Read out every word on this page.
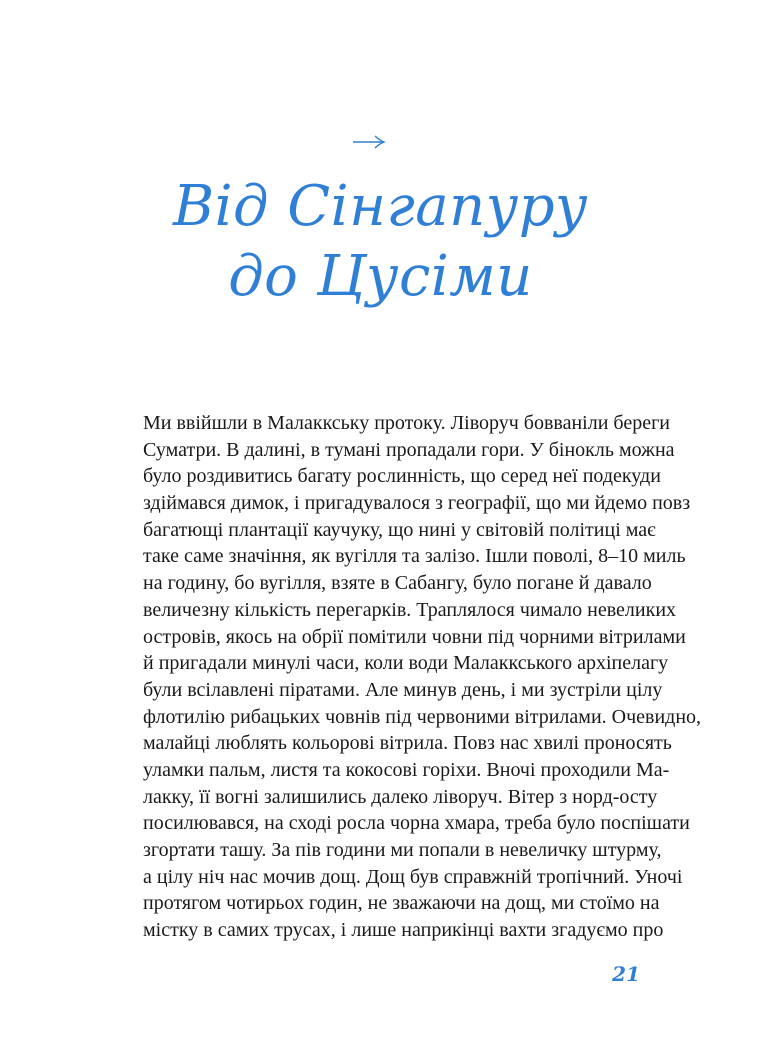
Від Сінгапуру
до Цусіми
Ми ввійшли в Малаккську протоку. Ліворуч бовваніли береги
Суматри. В далині, в тумані пропадали гори. У бінокль можна
було роздивитись багату рослинність, що серед неї подекуди
здіймався димок, і пригадувалося з географії, що ми йдемо повз
багатющі плантації каучуку, що нині у світовій політиці має
таке саме значіння, як вугілля та залізо. Ішли поволі, 8–10 миль
на годину, бо вугілля, взяте в Сабангу, було погане й давало
величезну кількість перегарків. Траплялося чимало невеликих
островів, якось на обрії помітили човни під чорними вітрилами
й пригадали минулі часи, коли води Малаккського архіпелагу
були всілавлені піратами. Але минув день, і ми зустріли цілу
флотилію рибацьких човнів під червоними вітрилами. Очевидно,
малайці люблять кольорові вітрила. Повз нас хвилі проносять
уламки пальм, листя та кокосові горіхи. Вночі проходили Ма-
лакку, її вогні залишились далеко ліворуч. Вітер з норд-осту
посилювався, на сході росла чорна хмара, треба було поспішати
згортати ташу. За пів години ми попали в невеличку штурму,
а цілу ніч нас мочив дощ. Дощ був справжній тропічний. Уночі
протягом чотирьох годин, не зважаючи на дощ, ми стоїмо на
містку в самих трусах, і лише наприкінці вахти згадуємо про
21
